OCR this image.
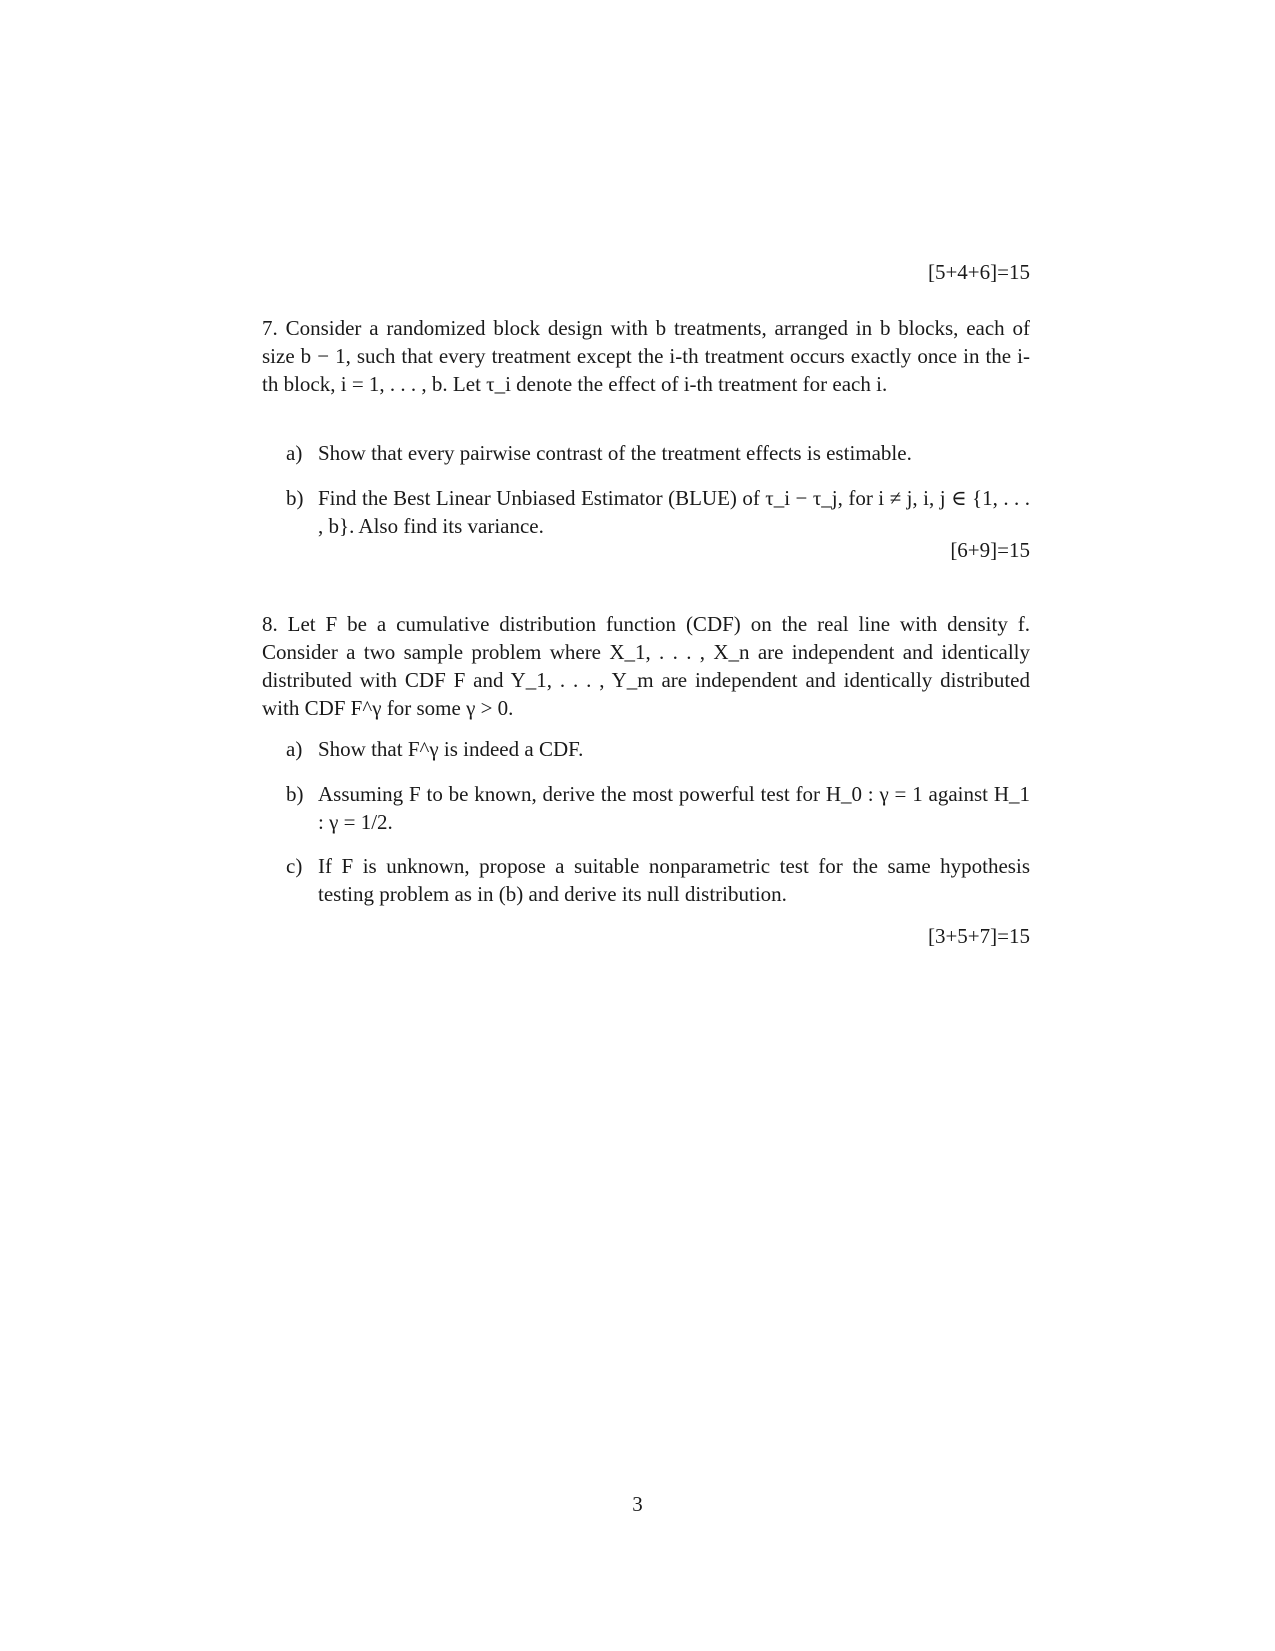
[5+4+6]=15

7. Consider a randomized block design with b treatments, arranged in b blocks, each of size b − 1, such that every treatment except the i-th treatment occurs exactly once in the i-th block, i = 1, . . . , b. Let τ_i denote the effect of i-th treatment for each i.

a) Show that every pairwise contrast of the treatment effects is estimable.
b) Find the Best Linear Unbiased Estimator (BLUE) of τ_i − τ_j, for i ≠ j, i, j ∈ {1, . . . , b}. Also find its variance.
[6+9]=15

8. Let F be a cumulative distribution function (CDF) on the real line with density f. Consider a two sample problem where X_1, . . . , X_n are independent and identically distributed with CDF F and Y_1, . . . , Y_m are independent and identically distributed with CDF F^γ for some γ > 0.

a) Show that F^γ is indeed a CDF.
b) Assuming F to be known, derive the most powerful test for H_0 : γ = 1 against H_1 : γ = 1/2.
c) If F is unknown, propose a suitable nonparametric test for the same hypothesis testing problem as in (b) and derive its null distribution.
[3+5+7]=15
3
